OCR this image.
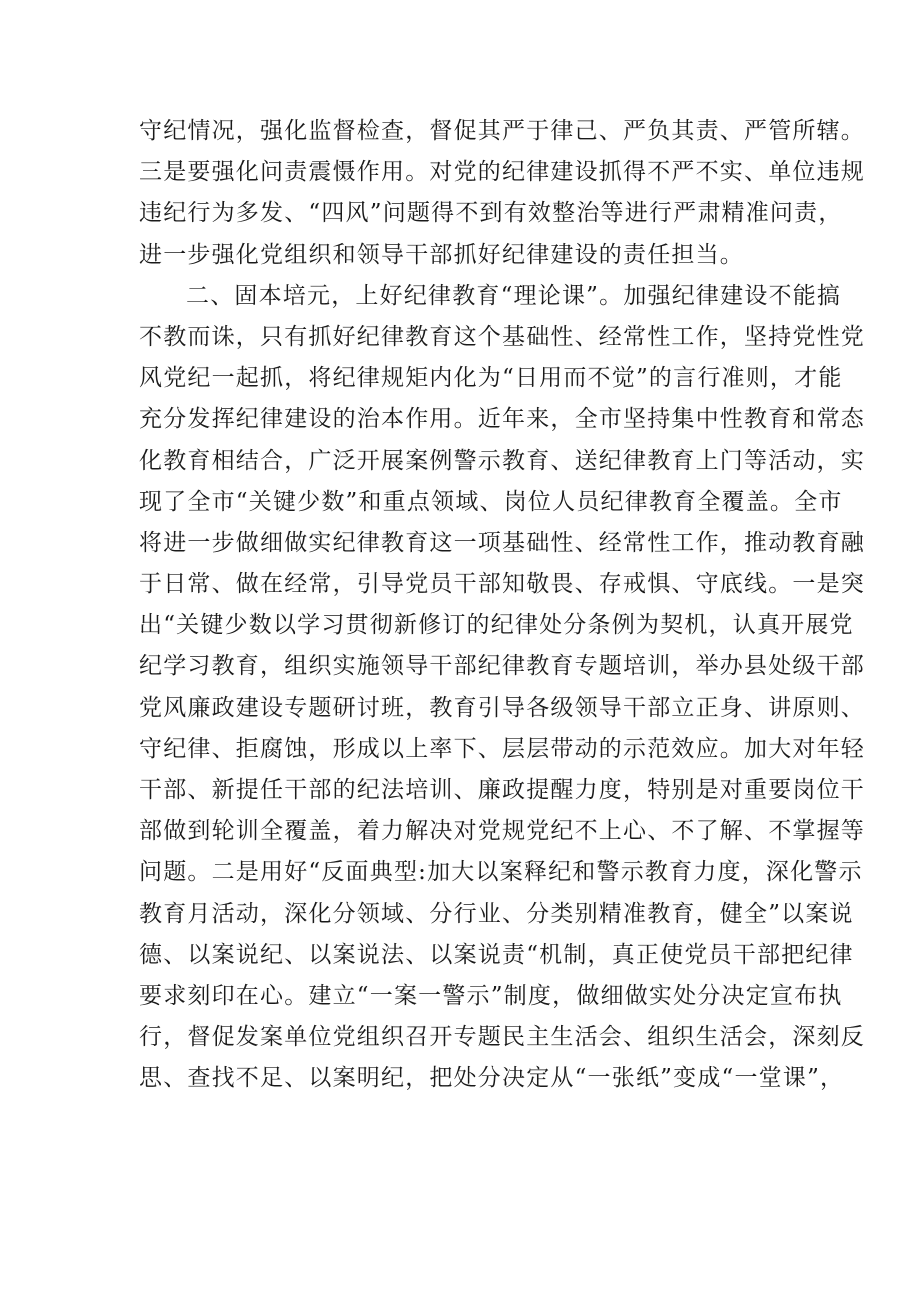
守纪情况，强化监督检查，督促其严于律己、严负其责、严管所辖。
三是要强化问责震慑作用。对党的纪律建设抓得不严不实、单位违规
违纪行为多发、“四风”问题得不到有效整治等进行严肃精准问责，
进一步强化党组织和领导干部抓好纪律建设的责任担当。
二、固本培元，上好纪律教育“理论课”。加强纪律建设不能搞
不教而诛，只有抓好纪律教育这个基础性、经常性工作，坚持党性党
风党纪一起抓，将纪律规矩内化为“日用而不觉”的言行准则，才能
充分发挥纪律建设的治本作用。近年来，全市坚持集中性教育和常态
化教育相结合，广泛开展案例警示教育、送纪律教育上门等活动，实
现了全市“关键少数”和重点领域、岗位人员纪律教育全覆盖。全市
将进一步做细做实纪律教育这一项基础性、经常性工作，推动教育融
于日常、做在经常，引导党员干部知敬畏、存戒惧、守底线。一是突
出“关键少数以学习贯彻新修订的纪律处分条例为契机，认真开展党
纪学习教育，组织实施领导干部纪律教育专题培训，举办县处级干部
党风廉政建设专题研讨班，教育引导各级领导干部立正身、讲原则、
守纪律、拒腐蚀，形成以上率下、层层带动的示范效应。加大对年轻
干部、新提任干部的纪法培训、廉政提醒力度，特别是对重要岗位干
部做到轮训全覆盖，着力解决对党规党纪不上心、不了解、不掌握等
问题。二是用好“反面典型:加大以案释纪和警示教育力度，深化警示
教育月活动，深化分领域、分行业、分类别精准教育，健全”以案说
德、以案说纪、以案说法、以案说责“机制，真正使党员干部把纪律
要求刻印在心。建立“一案一警示”制度，做细做实处分决定宣布执
行，督促发案单位党组织召开专题民主生活会、组织生活会，深刻反
思、查找不足、以案明纪，把处分决定从“一张纸”变成“一堂课”，
